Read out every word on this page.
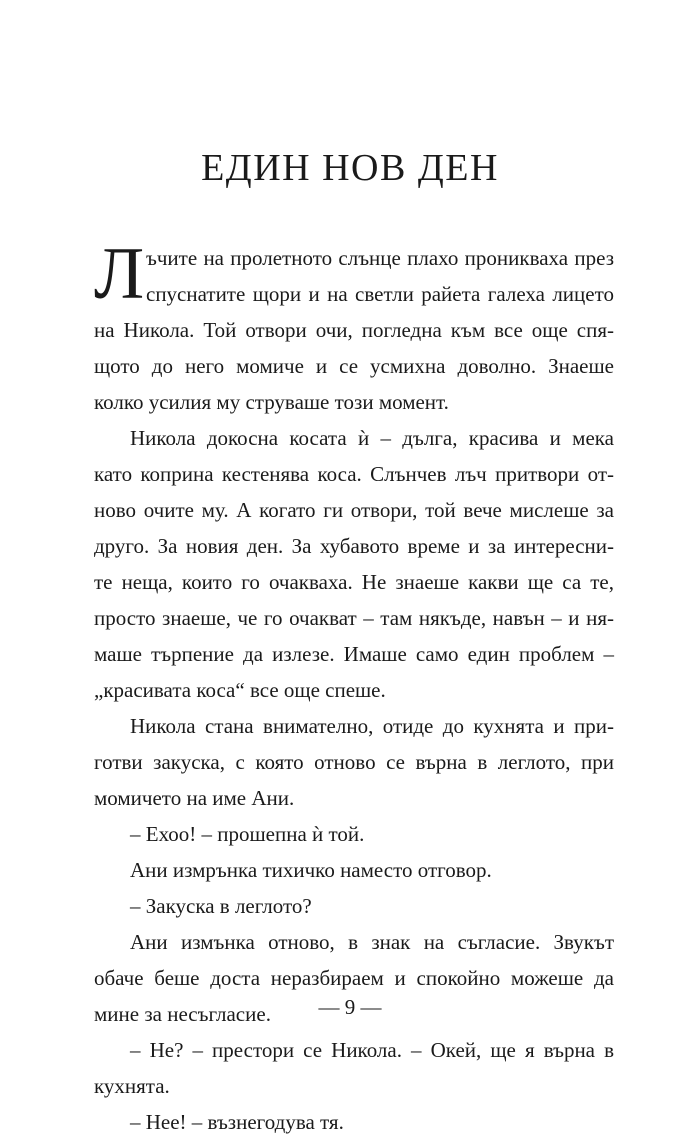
ЕДИН НОВ ДЕН
Л ъчите на пролетното слънце плахо проникваха през
спуснатите щори и на светли райета галеха лицето
на Никола. Той отвори очи, погледна към все още спя-
щото до него момиче и се усмихна доволно. Знаеше
колко усилия му струваше този момент.
Никола докосна косата ѝ – дълга, красива и мека
като коприна кестенява коса. Слънчев лъч притвори от-
ново очите му. А когато ги отвори, той вече мислеше за
друго. За новия ден. За хубавото време и за интересни-
те неща, които го очакваха. Не знаеше какви ще са те,
просто знаеше, че го очакват – там някъде, навън – и ня-
маше търпение да излезе. Имаше само един проблем –
„красивата коса“ все още спеше.
Никола стана внимателно, отиде до кухнята и при-
готви закуска, с която отново се върна в леглото, при
момичето на име Ани.
– Ехоо! – прошепна ѝ той.
Ани измрънка тихичко наместо отговор.
– Закуска в леглото?
Ани измънка отново, в знак на съгласие. Звукът
обаче беше доста неразбираем и спокойно можеше да
мине за несъгласие.
– Не? – престори се Никола. – Окей, ще я върна в
кухнята.
– Нее! – възнегодува тя.
— 9 —
